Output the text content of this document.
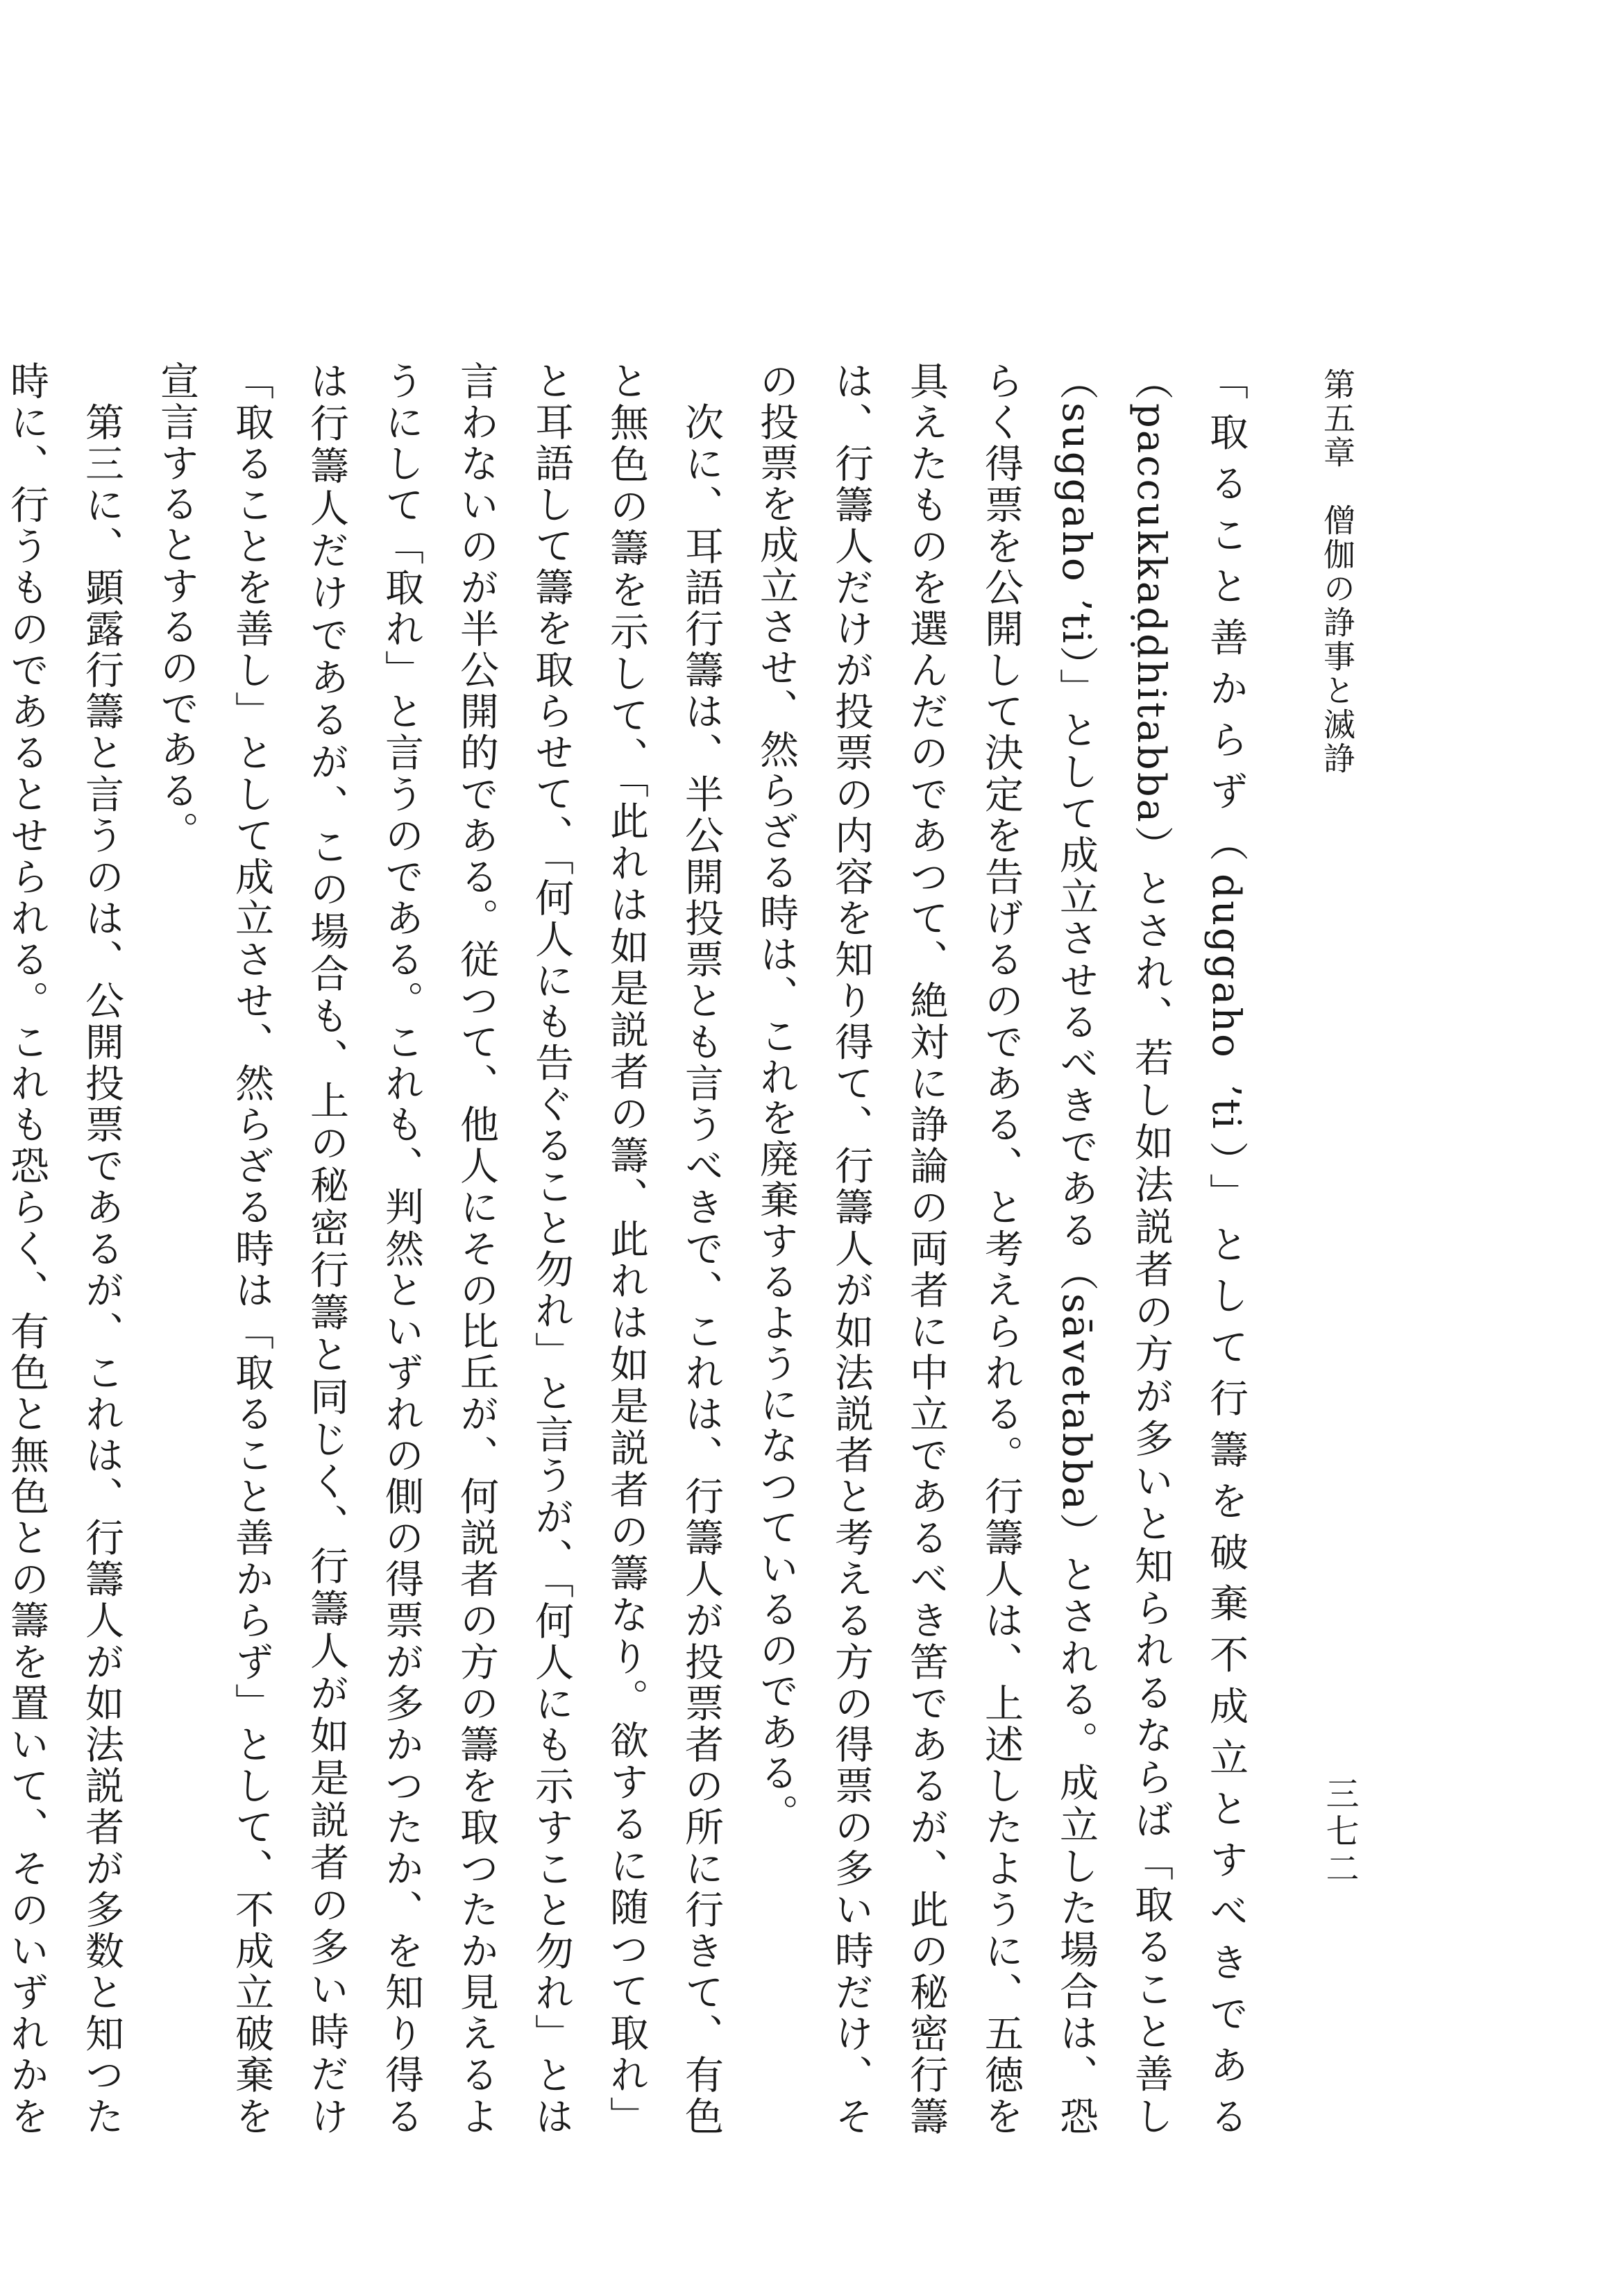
第五章　僧伽の諍事と滅諍
三七二

「取ること善からず（duggaho ’ti）」として行籌を破棄不成立とすべきである（paccukkaḍḍhitabba）とされ、若し如法説者の方が多いと知られるならば「取ること善し（suggaho ’ti）」として成立させるべきである（sāvetabba）とされる。成立した場合は、恐らく得票を公開して決定を告げるのである、と考えられる。行籌人は、上述したように、五徳を具えたものを選んだのであつて、絶対に諍論の両者に中立であるべき筈であるが、此の秘密行籌は、行籌人だけが投票の内容を知り得て、行籌人が如法説者と考える方の得票の多い時だけ、その投票を成立させ、然らざる時は、これを廃棄するようになつているのである。

　次に、耳語行籌は、半公開投票とも言うべきで、これは、行籌人が投票者の所に行きて、有色と無色の籌を示して、「此れは如是説者の籌、此れは如是説者の籌なり。欲するに随つて取れ」と耳語して籌を取らせて、「何人にも告ぐること勿れ」と言うが、「何人にも示すこと勿れ」とは言わないのが半公開的である。従つて、他人にその比丘が、何説者の方の籌を取つたか見えるようにして「取れ」と言うのである。これも、判然といずれの側の得票が多かつたか、を知り得るは行籌人だけであるが、この場合も、上の秘密行籌と同じく、行籌人が如是説者の多い時だけ「取ることを善し」として成立させ、然らざる時は「取ること善からず」として、不成立破棄を宣言するとするのである。

　第三に、顕露行籌と言うのは、公開投票であるが、これは、行籌人が如法説者が多数と知つた時に、行うものであるとせられる。これも恐らく、有色と無色との籌を置いて、そのいずれかを
